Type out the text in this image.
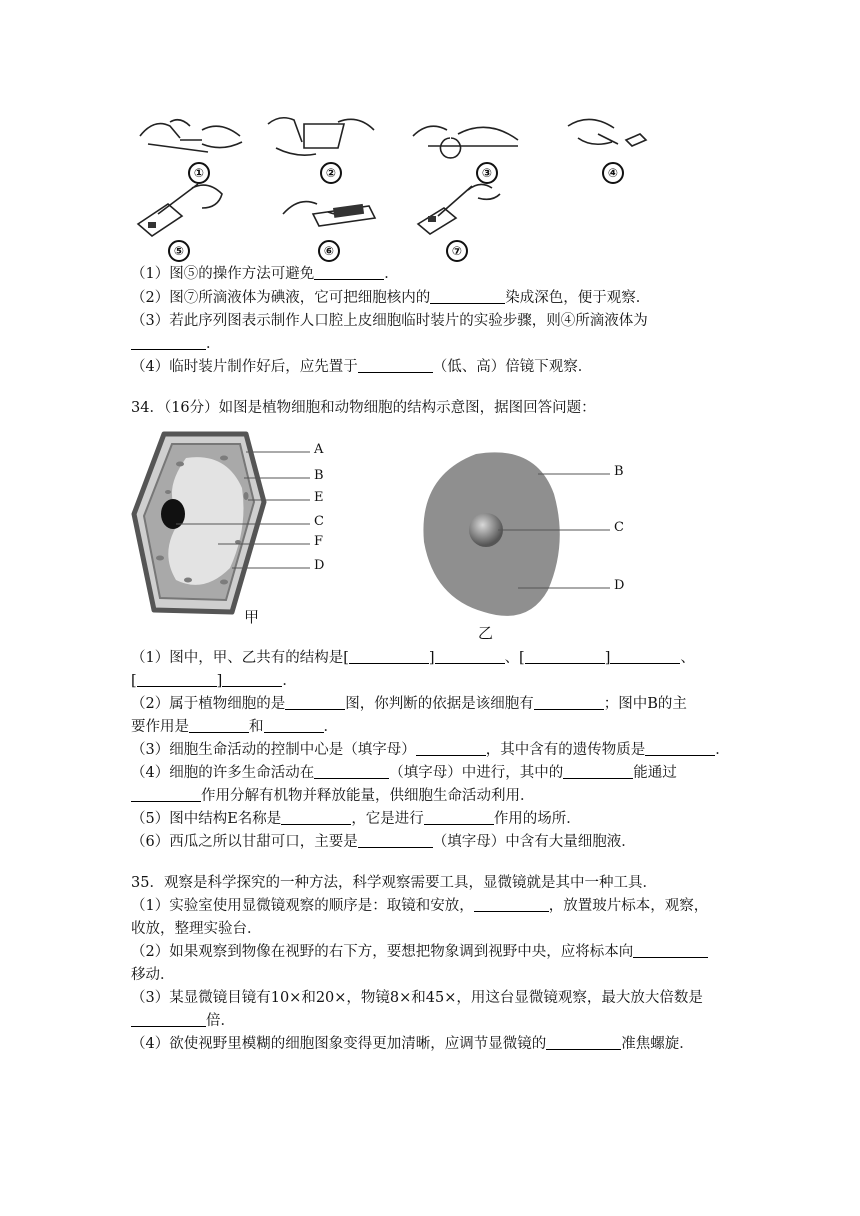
①	②	③	④
⑤	⑥	⑦
（1）图⑤的操作方法可避免	．
（2）图⑦所滴液体为碘液，它可把细胞核内的	染成深色，便于观察．
（3）若此序列图表示制作人口腔上皮细胞临时装片的实验步骤，则④所滴液体为
．
（4）临时装片制作好后，应先置于	（低、高）倍镜下观察．
34．（16分）如图是植物细胞和动物细胞的结构示意图，据图回答问题：
A
B
E
C
F
D
甲
B
C
D
乙
（1）图中，甲、乙共有的结构是[	]	、[	]	、
[	]	．
（2）属于植物细胞的是	图，你判断的依据是该细胞有	；图中B的主
要作用是	和	．
（3）细胞生命活动的控制中心是（填字母）	，其中含有的遗传物质是	．
（4）细胞的许多生命活动在	（填字母）中进行，其中的	能通过
作用分解有机物并释放能量，供细胞生命活动利用．
（5）图中结构E名称是	，它是进行	作用的场所．
（6）西瓜之所以甘甜可口，主要是	（填字母）中含有大量细胞液．
35．观察是科学探究的一种方法，科学观察需要工具，显微镜就是其中一种工具．
（1）实验室使用显微镜观察的顺序是：取镜和安放，	，放置玻片标本，观察，
收放，整理实验台．
（2）如果观察到物像在视野的右下方，要想把物象调到视野中央，应将标本向
移动．
（3）某显微镜目镜有10×和20×，物镜8×和45×，用这台显微镜观察，最大放大倍数是
倍．
（4）欲使视野里模糊的细胞图象变得更加清晰，应调节显微镜的	准焦螺旋．
